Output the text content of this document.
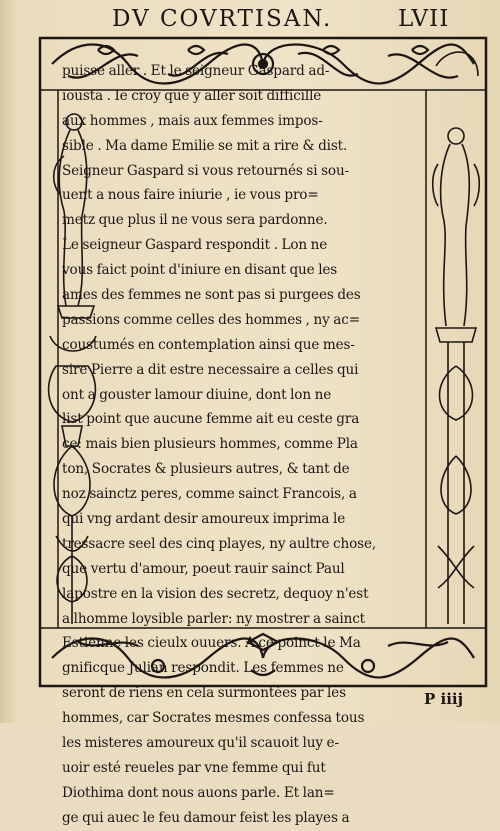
DV COVRTISAN.	LVII
puisse aller . Et le seigneur Gaspard ad-
iousta . Ie croy que y aller soit difficille
aux hommes , mais aux femmes impos-
sible . Ma dame Emilie se mit a rire & dist.
Seigneur Gaspard si vous retournés si sou-
uent a nous faire iniurie , ie vous pro=
metz que plus il ne vous sera pardonne.
Le seigneur Gaspard respondit . Lon ne
vous faict point d'iniure en disant que les
ames des femmes ne sont pas si purgees des
passions comme celles des hommes , ny ac=
coustumés en contemplation ainsi que mes-
sire Pierre a dit estre necessaire a celles qui
ont a gouster lamour diuine, dont lon ne
list point que aucune femme ait eu ceste gra
ce: mais bien plusieurs hommes, comme Pla
ton, Socrates & plusieurs autres, & tant de
noz sainctz peres, comme sainct Francois, a
qui vng ardant desir amoureux imprima le
tressacre seel des cinq playes, ny aultre chose,
que vertu d'amour, poeut rauir sainct Paul
lapostre en la vision des secretz, dequoy n'est
a lhomme loysible parler: ny mostrer a sainct
Estienne les cieulx ouuers. A ce poinct le Ma
gnificque Julian respondit. Les femmes ne
seront de riens en cela surmontées par les
hommes, car Socrates mesmes confessa tous
les misteres amoureux qu'il scauoit luy e-
uoir esté reueles par vne femme qui fut
Diothima dont nous auons parle. Et lan=
ge qui auec le feu damour feist les playes a
P iiij
